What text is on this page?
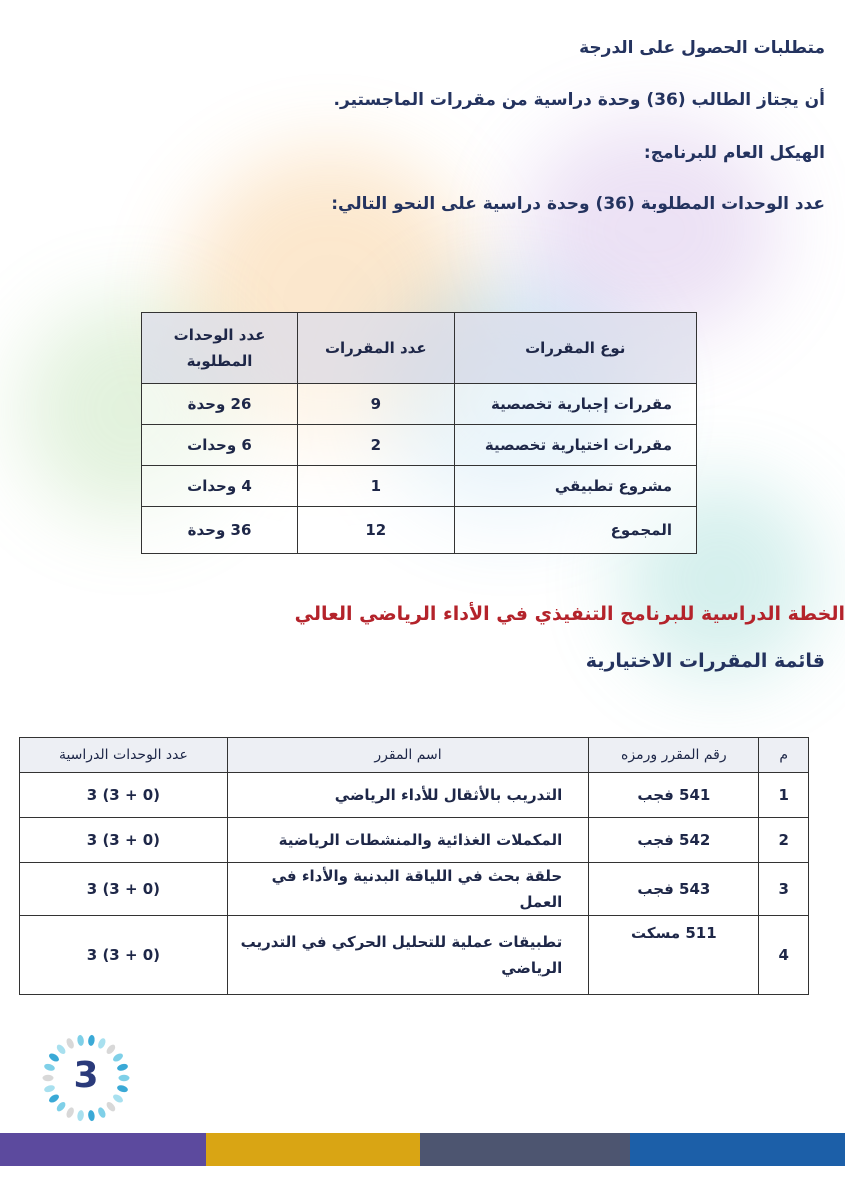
متطلبات الحصول على الدرجة
أن يجتاز الطالب (36) وحدة دراسية من مقررات الماجستير.
الهيكل العام للبرنامج:
عدد الوحدات المطلوبة (36) وحدة دراسية على النحو التالي:
نوع المقررات	عدد المقررات	عدد الوحدات المطلوبة

مقررات إجبارية تخصصية	9	26 وحدة
مقررات اختيارية تخصصية	2	6 وحدات
مشروع تطبيقي	1	4 وحدات
المجموع	12	36 وحدة
الخطة الدراسية للبرنامج التنفيذي في الأداء الرياضي العالي
قائمة المقررات الاختيارية
م	رقم المقرر ورمزه	اسم المقرر	عدد الوحدات الدراسية
1	541 فجب	التدريب بالأثقال للأداء الرياضي	3 (3 + 0)
2	542 فجب	المكملات الغذائية والمنشطات الرياضية	3 (3 + 0)
3	543 فجب	حلقة بحث في اللياقة البدنية والأداء في العمل	3 (3 + 0)
4	511 مسكت	تطبيقات عملية للتحليل الحركي في التدريب الرياضي	3 (3 + 0)
3
